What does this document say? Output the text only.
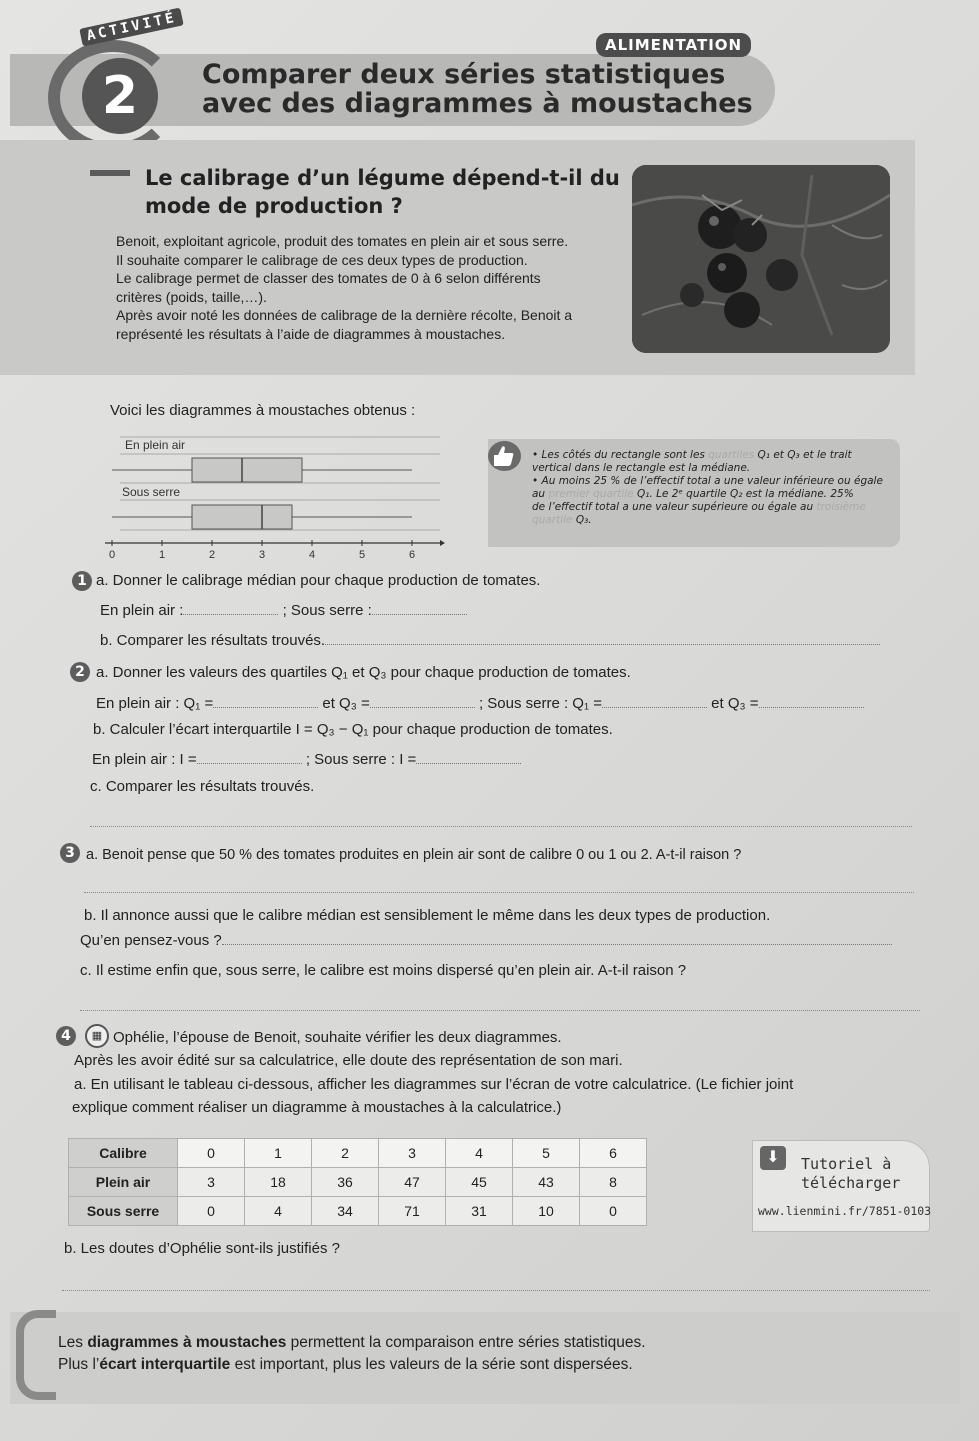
ACTIVITÉ
2
ALIMENTATION
Comparer deux séries statistiques
avec des diagrammes à moustaches
Le calibrage d’un légume dépend-t-il du
mode de production ?
Benoit, exploitant agricole, produit des tomates en plein air et sous serre.
Il souhaite comparer le calibrage de ces deux types de production.
Le calibrage permet de classer des tomates de 0 à 6 selon différents
critères (poids, taille,…).
Après avoir noté les données de calibrage de la dernière récolte, Benoit a
représenté les résultats à l’aide de diagrammes à moustaches.
Voici les diagrammes à moustaches obtenus :
En plein air
Sous serre
0	1	2	3	4	5	6
• Les côtés du rectangle sont les quartiles Q₁ et Q₃ et le trait
vertical dans le rectangle est la médiane.
• Au moins 25 % de l’effectif total a une valeur inférieure ou égale
au premier quartile Q₁. Le 2ᵉ quartile Q₂ est la médiane. 25%
de l’effectif total a une valeur supérieure ou égale au troisième
quartile Q₃.
1 a. Donner le calibrage médian pour chaque production de tomates.
En plein air :	; Sous serre :
b. Comparer les résultats trouvés.
2 a. Donner les valeurs des quartiles Q₁ et Q₃ pour chaque production de tomates.
En plein air : Q₁ =	et Q₃ =	; Sous serre : Q₁ =	et Q₃ =
b. Calculer l’écart interquartile I = Q₃ − Q₁ pour chaque production de tomates.
En plein air : I =	; Sous serre : I =
c. Comparer les résultats trouvés.
3 a. Benoit pense que 50 % des tomates produites en plein air sont de calibre 0 ou 1 ou 2. A-t-il raison ?
b. Il annonce aussi que le calibre médian est sensiblement le même dans les deux types de production.
Qu’en pensez-vous ?
c. Il estime enfin que, sous serre, le calibre est moins dispersé qu’en plein air. A-t-il raison ?
4	▦ Ophélie, l’épouse de Benoit, souhaite vérifier les deux diagrammes.
Après les avoir édité sur sa calculatrice, elle doute des représentation de son mari.
a. En utilisant le tableau ci-dessous, afficher les diagrammes sur l’écran de votre calculatrice. (Le fichier joint
explique comment réaliser un diagramme à moustaches à la calculatrice.)
Calibre	0	1	2	3	4	5	6
Plein air	3	18	36	47	45	43	8
Sous serre	0	4	34	71	31	10	0
⬇	Tutoriel à
télécharger
www.lienmini.fr/7851-0103
b. Les doutes d’Ophélie sont-ils justifiés ?
Les diagrammes à moustaches permettent la comparaison entre séries statistiques.
Plus l’écart interquartile est important, plus les valeurs de la série sont dispersées.
